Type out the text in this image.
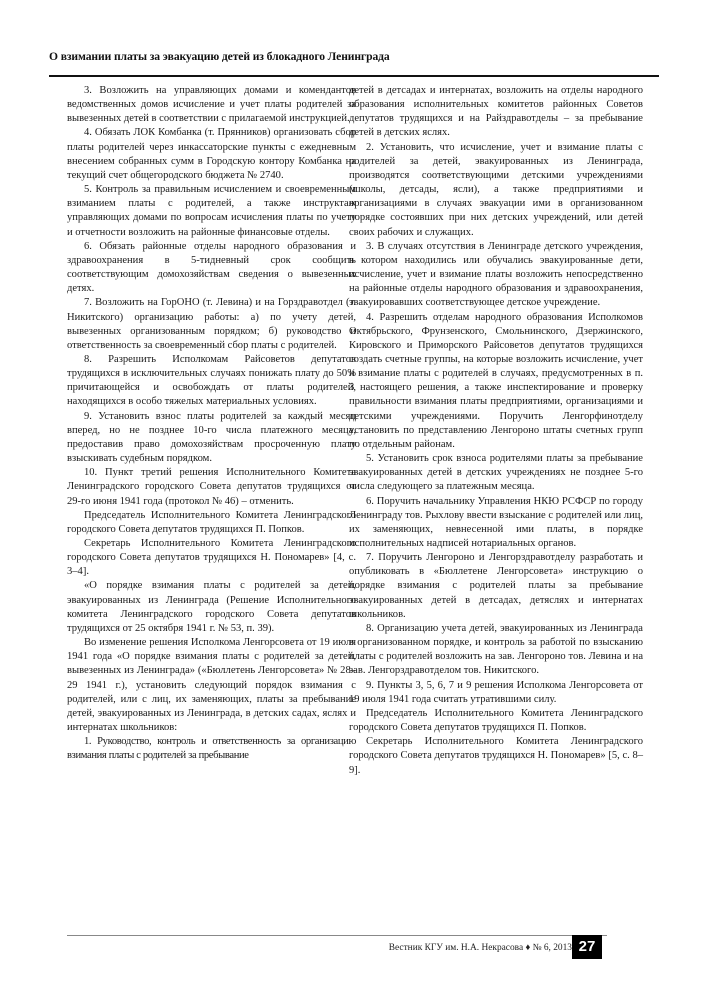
О взимании платы за эвакуацию детей из блокадного Ленинграда

3. Возложить на управляющих домами и комендантов ведомственных домов исчисление и учет платы родителей за вывезенных детей в соответствии с прилагаемой инструкцией.

4. Обязать ЛОК Комбанка (т. Прянников) организовать сбор платы родителей через инкассаторские пункты с ежедневным внесением собранных сумм в Городскую контору Комбанка на текущий счет общегородского бюджета № 2740.

5. Контроль за правильным исчислением и своевременным взиманием платы с родителей, а также инструктаж управляющих домами по вопросам исчисления платы по учету и отчетности возложить на районные финансовые отделы.

6. Обязать районные отделы народного образования и здравоохранения в 5-тидневный срок сообщить соответствующим домохозяйствам сведения о вывезенных детях.

7. Возложить на ГорОНО (т. Левина) и на Горздравотдел (т. Никитского) организацию работы: а) по учету детей, вывезенных организованным порядком; б) руководство и ответственность за своевременный сбор платы с родителей.

8. Разрешить Исполкомам Райсоветов депутатов трудящихся в исключительных случаях понижать плату до 50% причитающейся и освобождать от платы родителей, находящихся в особо тяжелых материальных условиях.

9. Установить взнос платы родителей за каждый месяц вперед, но не позднее 10-го числа платежного месяца, предоставив право домохозяйствам просроченную плату взыскивать судебным порядком.

10. Пункт третий решения Исполнительного Комитета Ленинградского городского Совета депутатов трудящихся от 29-го июня 1941 года (протокол № 46) – отменить.

Председатель Исполнительного Комитета Ленинградского городского Совета депутатов трудящихся П. Попков.

Секретарь Исполнительного Комитета Ленинградского городского Совета депутатов трудящихся Н. Пономарев» [4, с. 3–4].

«О порядке взимания платы с родителей за детей, эвакуированных из Ленинграда (Решение Исполнительного комитета Ленинградского городского Совета депутатов трудящихся от 25 октября 1941 г. № 53, п. 39).

Во изменение решения Исполкома Ленгорсовета от 19 июля 1941 года «О порядке взимания платы с родителей за детей, вывезенных из Ленинграда» («Бюллетень Ленгорсовета» № 28–29 1941 г.), установить следующий порядок взимания с родителей, или с лиц, их заменяющих, платы за пребывание детей, эвакуированных из Ленинграда, в детских садах, яслях и интернатах школьников:

1. Руководство, контроль и ответственность за организацию взимания платы с родителей за пребывание

детей в детсадах и интернатах, возложить на отделы народного образования исполнительных комитетов районных Советов депутатов трудящихся и на Райздравотделы – за пребывание детей в детских яслях.

2. Установить, что исчисление, учет и взимание платы с родителей за детей, эвакуированных из Ленинграда, производятся соответствующими детскими учреждениями (школы, детсады, ясли), а также предприятиями и организациями в случаях эвакуации ими в организованном порядке состоявших при них детских учреждений, или детей своих рабочих и служащих.

3. В случаях отсутствия в Ленинграде детского учреждения, в котором находились или обучались эвакуированные дети, исчисление, учет и взимание платы возложить непосредственно на районные отделы народного образования и здравоохранения, эвакуировавших соответствующее детское учреждение.

4. Разрешить отделам народного образования Исполкомов Октябрьского, Фрунзенского, Смольнинского, Дзержинского, Кировского и Приморского Райсоветов депутатов трудящихся создать счетные группы, на которые возложить исчисление, учет и взимание платы с родителей в случаях, предусмотренных в п. 3 настоящего решения, а также инспектирование и проверку правильности взимания платы предприятиями, организациями и детскими учреждениями. Поручить Ленгорфинотделу установить по представлению Ленгороно штаты счетных групп по отдельным районам.

5. Установить срок взноса родителями платы за пребывание эвакуированных детей в детских учреждениях не позднее 5-го числа следующего за платежным месяца.

6. Поручить начальнику Управления НКЮ РСФСР по городу Ленинграду тов. Рыхлову ввести взыскание с родителей или лиц, их заменяющих, невнесенной ими платы, в порядке исполнительных надписей нотариальных органов.

7. Поручить Ленгороно и Ленгорздравотделу разработать и опубликовать в «Бюллетене Ленгорсовета» инструкцию о порядке взимания с родителей платы за пребывание эвакуированных детей в детсадах, детяслях и интернатах школьников.

8. Организацию учета детей, эвакуированных из Ленинграда в организованном порядке, и контроль за работой по взысканию платы с родителей возложить на зав. Ленгороно тов. Левина и на зав. Ленгорздравотделом тов. Никитского.

9. Пункты 3, 5, 6, 7 и 9 решения Исполкома Ленгорсовета от 19 июля 1941 года считать утратившими силу.

Председатель Исполнительного Комитета Ленинградского городского Совета депутатов трудящихся П. Попков.

Секретарь Исполнительного Комитета Ленинградского городского Совета депутатов трудящихся Н. Пономарев» [5, с. 8–9].

Вестник КГУ им. Н.А. Некрасова ♦ № 6, 2013 27
